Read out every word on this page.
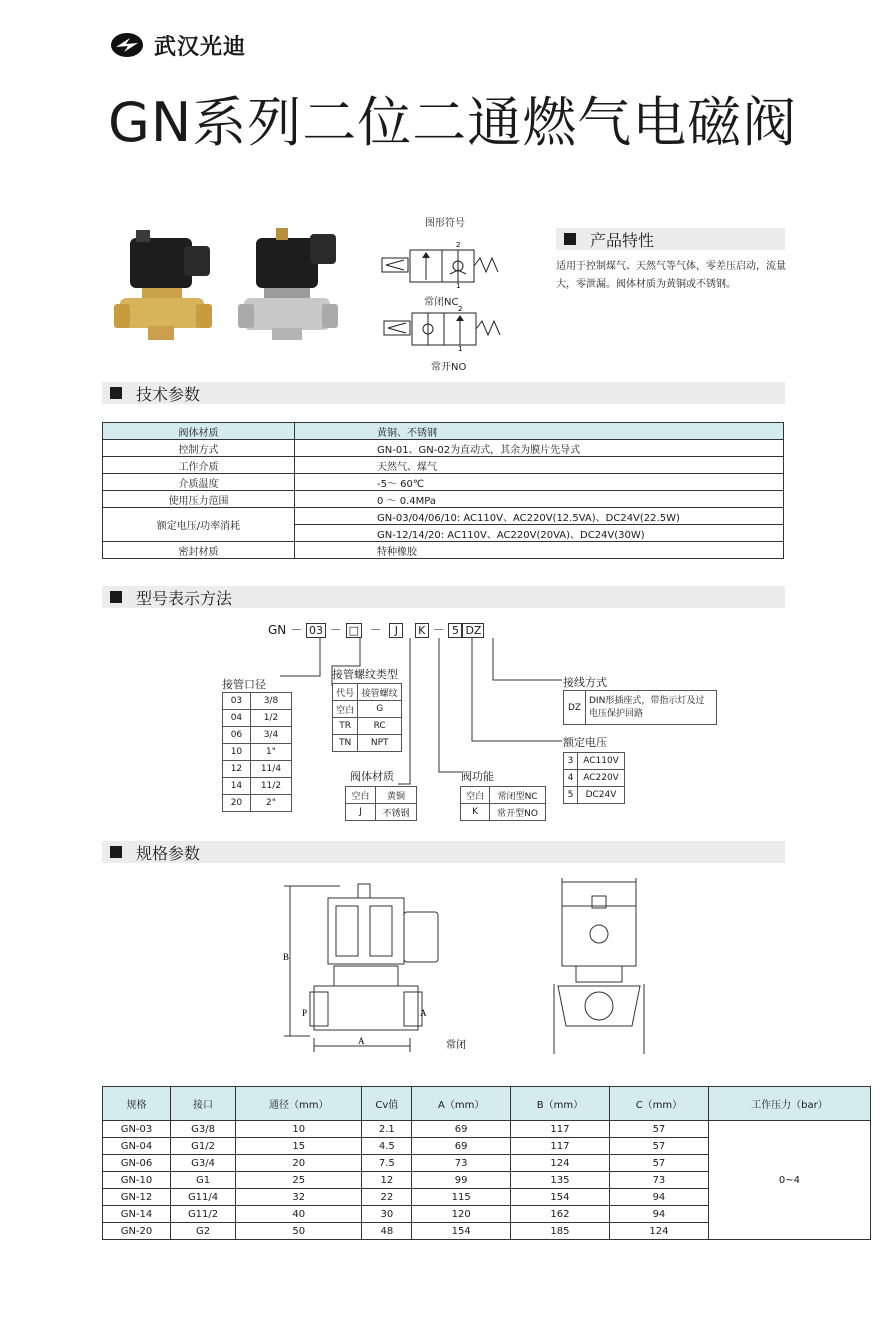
武汉光迪
GN系列二位二通燃气电磁阀
图形符号
2
1
常闭NC
2
1
常开NO
产品特性
适用于控制煤气、天然气等气体，零差压启动，流量大，零泄漏。阀体材质为黄铜或不锈钢。
技术参数
阀体材质	黄铜、不锈钢
控制方式	GN-01、GN-02为直动式，其余为膜片先导式
工作介质	天然气、煤气
介质温度	-5～ 60℃
使用压力范围	0 ～ 0.4MPa
额定电压/功率消耗	GN-03/04/06/10: AC110V、AC220V(12.5VA)、DC24V(22.5W)
	GN-12/14/20: AC110V、AC220V(20VA)、DC24V(30W)
密封材质	特种橡胶
型号表示方法
GN － 03 － □ － J K － 5 DZ
接管口径
03	3/8
04	1/2
06	3/4
10	1"
12	11/4
14	11/2
20	2"
接管螺纹类型
代号	接管螺纹
空白	G
TR	RC
TN	NPT
阀体材质
空白	黄铜
J	不锈钢
阀功能
空白	常闭型NC
K	常开型NO
额定电压
3	AC110V
4	AC220V
5	DC24V
接线方式
DZ	DIN形插座式，带指示灯及过电压保护回路
规格参数
B
P	A
A	常闭
规格	接口	通径（mm）	Cv值	A（mm）	B（mm）	C（mm）	工作压力（bar）
GN-03	G3/8	10	2.1	69	117	57	0~4
GN-04	G1/2	15	4.5	69	117	57	
GN-06	G3/4	20	7.5	73	124	57	
GN-10	G1	25	12	99	135	73	
GN-12	G11/4	32	22	115	154	94	
GN-14	G11/2	40	30	120	162	94	
GN-20	G2	50	48	154	185	124	
